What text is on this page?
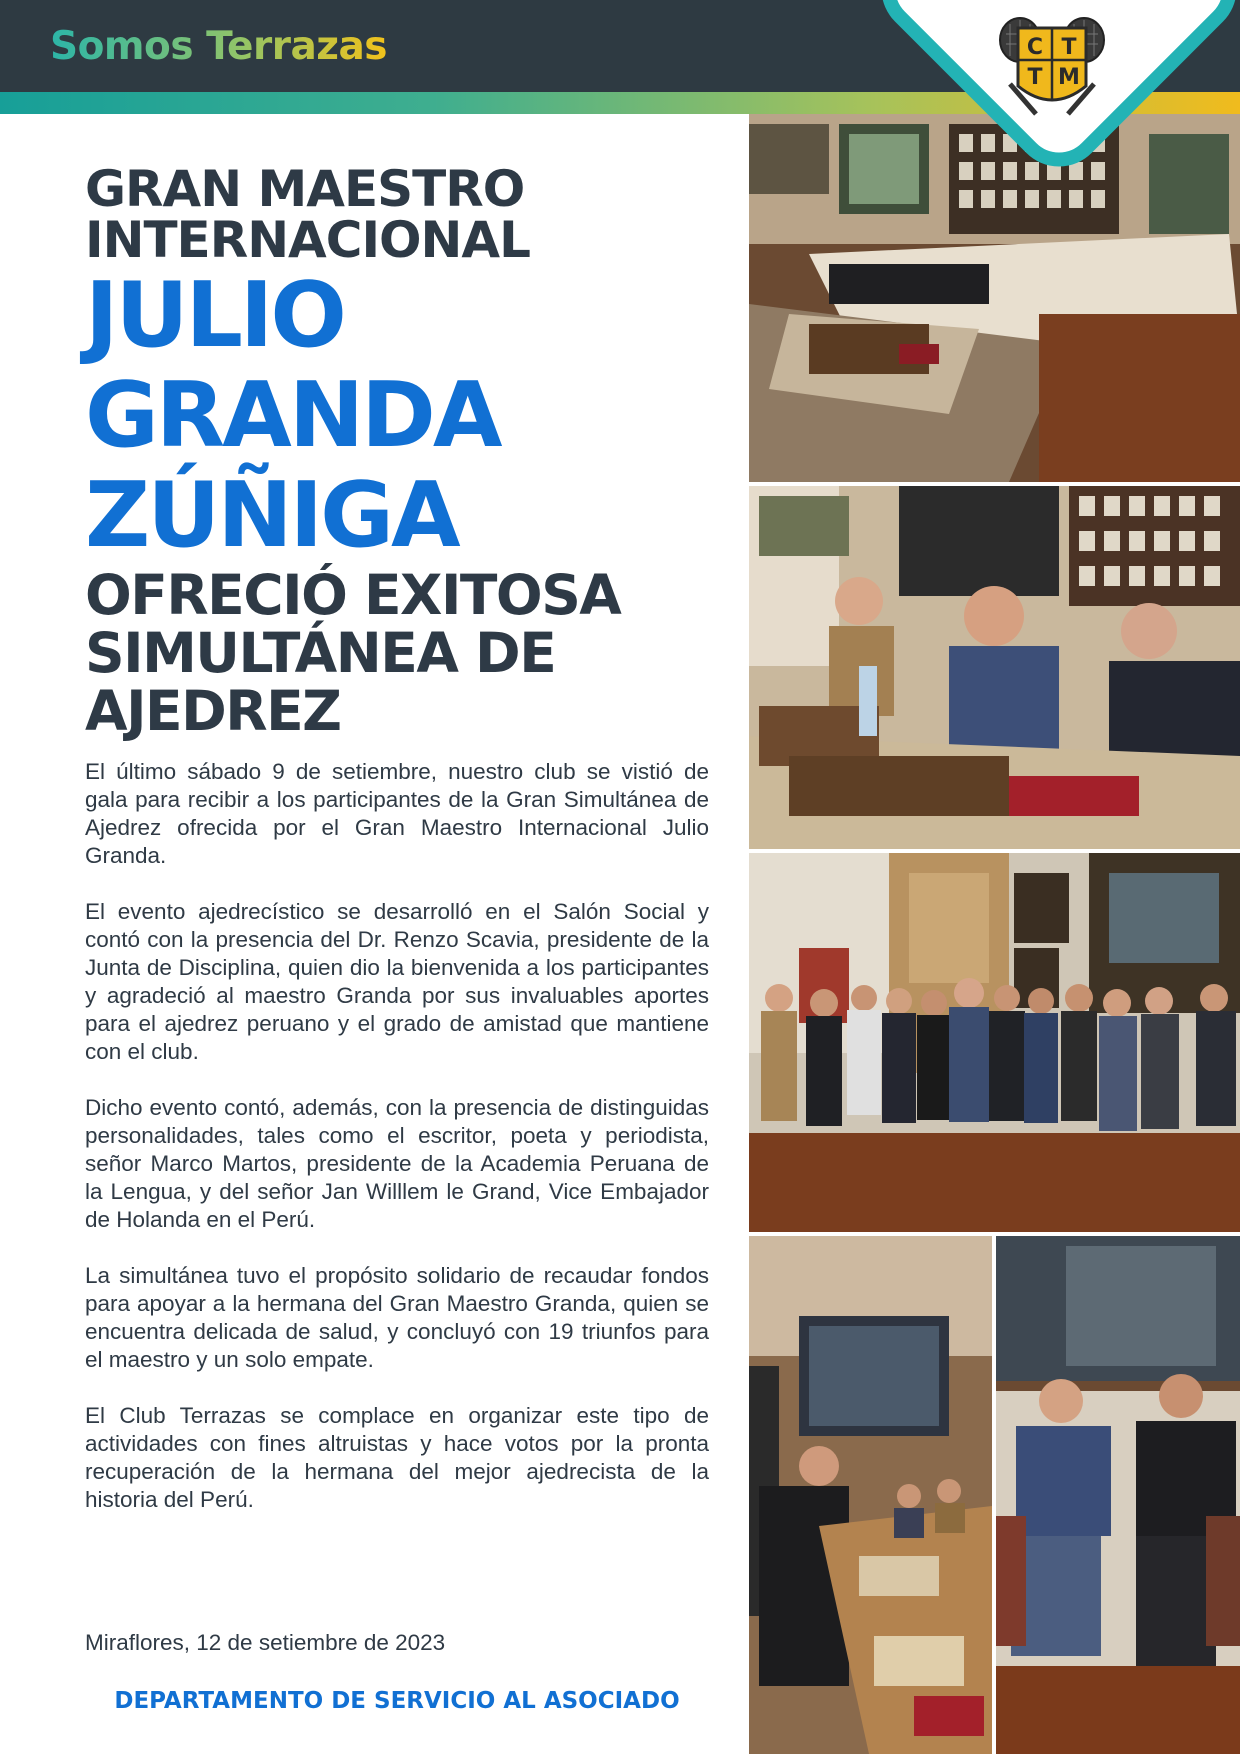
Somos Terrazas	C T
T M
GRAN MAESTRO
INTERNACIONAL
JULIO
GRANDA
ZÚÑIGA
OFRECIÓ EXITOSA
SIMULTÁNEA DE
AJEDREZ

El último sábado 9 de setiembre, nuestro club se vistió de gala para recibir a los participantes de la Gran Simultánea de Ajedrez ofrecida por el Gran Maestro Internacional Julio Granda.

El evento ajedrecístico se desarrolló en el Salón Social y contó con la presencia del Dr. Renzo Scavia, presidente de la Junta de Disciplina, quien dio la bienvenida a los participantes y agradeció al maestro Granda por sus invaluables aportes para el ajedrez peruano y el grado de amistad que mantiene con el club.

Dicho evento contó, además, con la presencia de distinguidas personalidades, tales como el escritor, poeta y periodista, señor Marco Martos, presidente de la Academia Peruana de la Lengua, y del señor Jan Willlem le Grand, Vice Embajador de Holanda en el Perú.

La simultánea tuvo el propósito solidario de recaudar fondos para apoyar a la hermana del Gran Maestro Granda, quien se encuentra delicada de salud, y concluyó con 19 triunfos para el maestro y un solo empate.

El Club Terrazas se complace en organizar este tipo de actividades con fines altruistas y hace votos por la pronta recuperación de la hermana del mejor ajedrecista de la historia del Perú.

Miraflores, 12 de setiembre de 2023
DEPARTAMENTO DE SERVICIO AL ASOCIADO
